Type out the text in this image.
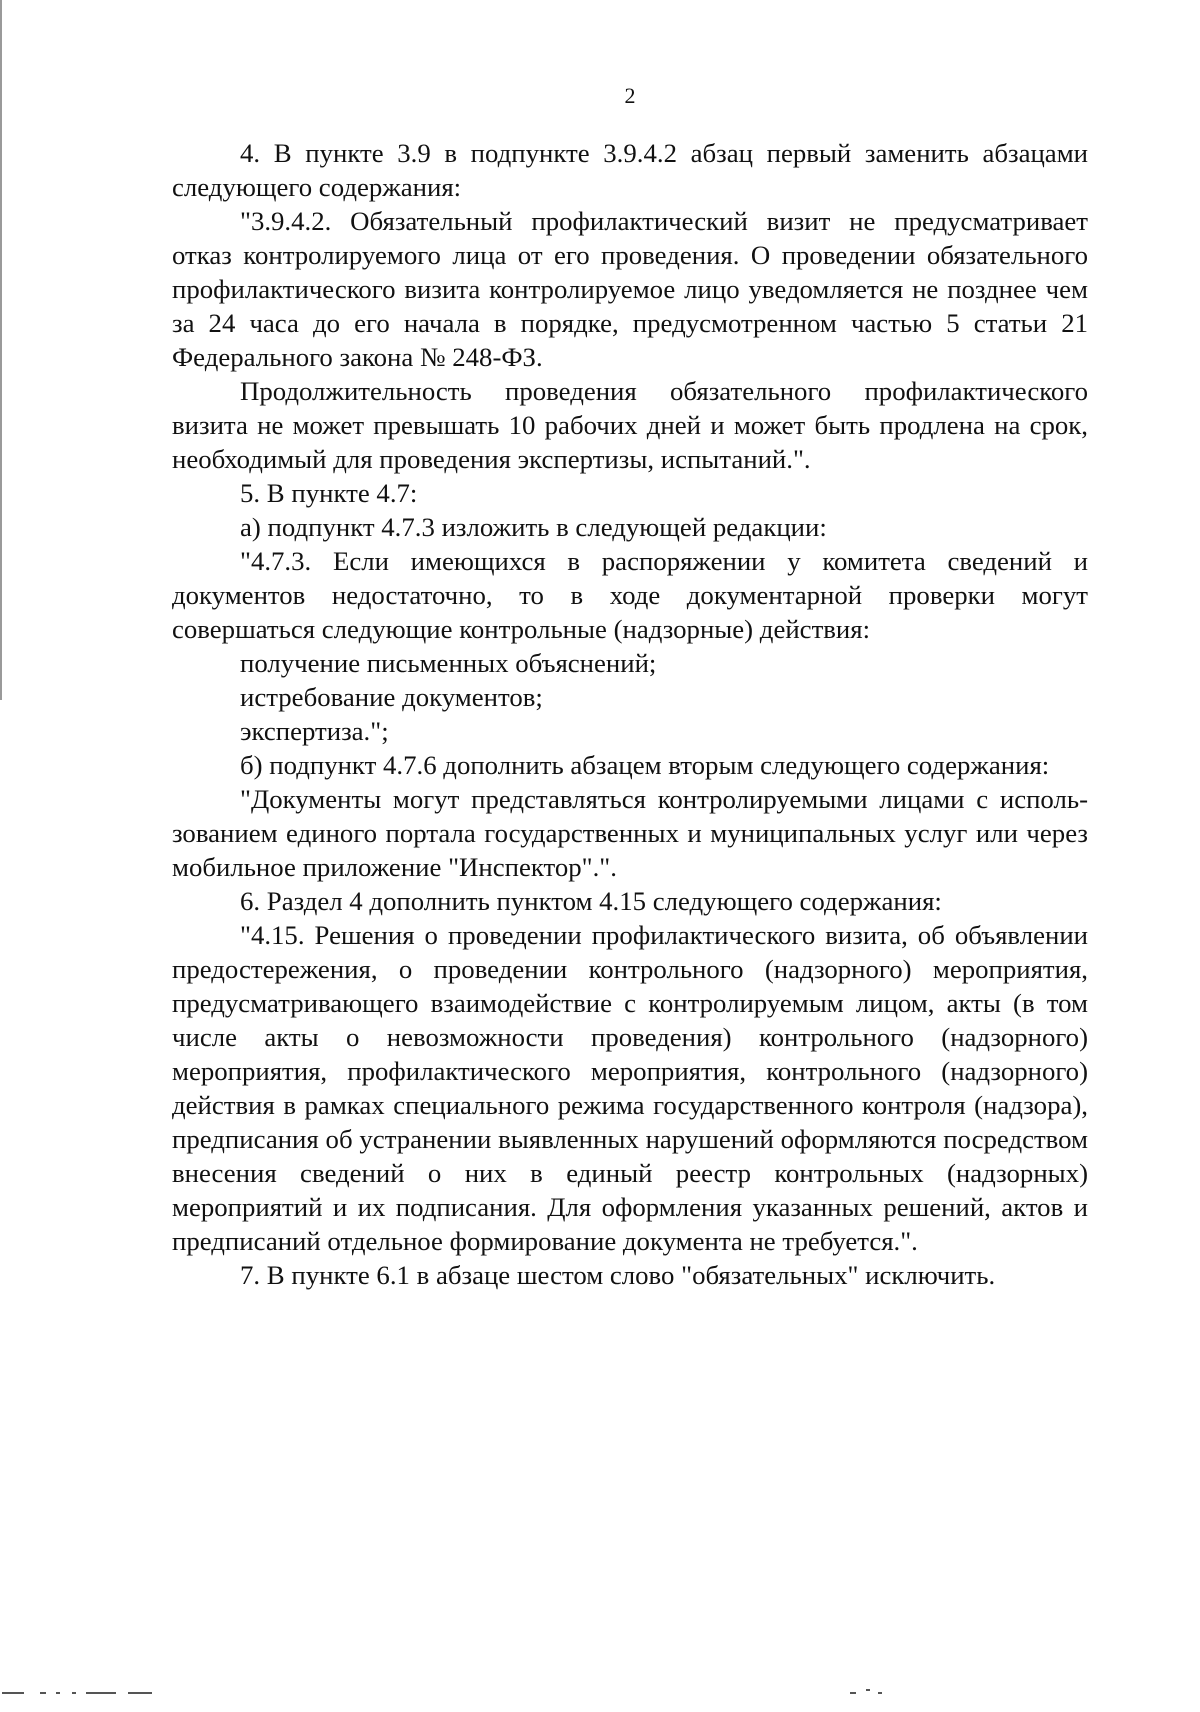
2

4. В пункте 3.9 в подпункте 3.9.4.2 абзац первый заменить абзацами следующего содержания:

"3.9.4.2. Обязательный профилактический визит не предусматривает отказ контролируемого лица от его проведения. О проведении обязательного профилактического визита контролируемое лицо уведомляется не позднее чем за 24 часа до его начала в порядке, предусмотренном частью 5 статьи 21 Федерального закона № 248-ФЗ.

Продолжительность проведения обязательного профилактического визита не может превышать 10 рабочих дней и может быть продлена на срок, необходимый для проведения экспертизы, испытаний.".

5. В пункте 4.7:

а) подпункт 4.7.3 изложить в следующей редакции:

"4.7.3. Если имеющихся в распоряжении у комитета сведений и документов недостаточно, то в ходе документарной проверки могут совершаться следующие контрольные (надзорные) действия:

получение письменных объяснений;

истребование документов;

экспертиза.";

б) подпункт 4.7.6 дополнить абзацем вторым следующего содержания:

"Документы могут представляться контролируемыми лицами с исполь-зованием единого портала государственных и муниципальных услуг или через мобильное приложение "Инспектор".".

6. Раздел 4 дополнить пунктом 4.15 следующего содержания:

"4.15. Решения о проведении профилактического визита, об объявлении предостережения, о проведении контрольного (надзорного) мероприятия, предусматривающего взаимодействие с контролируемым лицом, акты (в том числе акты о невозможности проведения) контрольного (надзорного) мероприятия, профилактического мероприятия, контрольного (надзорного) действия в рамках специального режима государственного контроля (надзора), предписания об устранении выявленных нарушений оформляются посредством внесения сведений о них в единый реестр контрольных (надзорных) мероприятий и их подписания. Для оформления указанных решений, актов и предписаний отдельное формирование документа не требуется.".

7. В пункте 6.1 в абзаце шестом слово "обязательных" исключить.
